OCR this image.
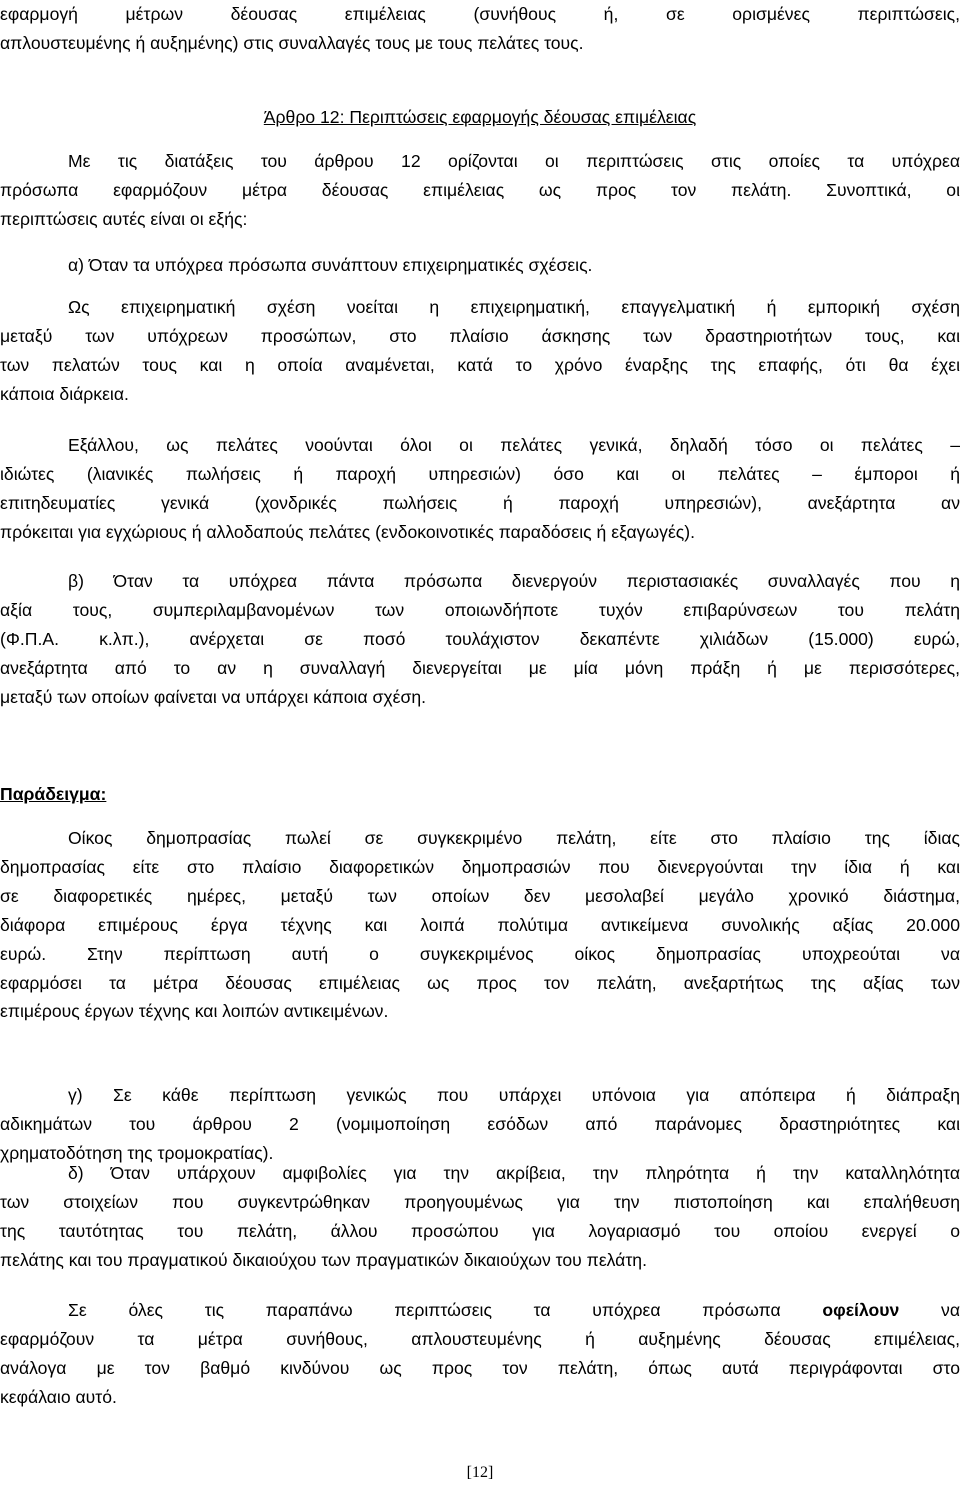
εφαρμογή μέτρων δέουσας επιμέλειας (συνήθους ή, σε ορισμένες περιπτώσεις,
απλουστευμένης ή αυξημένης) στις συναλλαγές τους με τους πελάτες τους.
Άρθρο 12: Περιπτώσεις εφαρμογής δέουσας επιμέλειας
Με τις διατάξεις του άρθρου 12 ορίζονται οι περιπτώσεις στις οποίες τα υπόχρεα
πρόσωπα εφαρμόζουν μέτρα δέουσας επιμέλειας ως προς τον πελάτη. Συνοπτικά, οι
περιπτώσεις αυτές είναι οι εξής:
α) Όταν τα υπόχρεα πρόσωπα συνάπτουν επιχειρηματικές σχέσεις.
Ως επιχειρηματική σχέση νοείται η επιχειρηματική, επαγγελματική ή εμπορική σχέση
μεταξύ των υπόχρεων προσώπων, στο πλαίσιο άσκησης των δραστηριοτήτων τους, και
των πελατών τους και η οποία αναμένεται, κατά το χρόνο έναρξης της επαφής, ότι θα έχει
κάποια διάρκεια.
Εξάλλου, ως πελάτες νοούνται όλοι οι πελάτες γενικά, δηλαδή τόσο οι πελάτες –
ιδιώτες (λιανικές πωλήσεις ή παροχή υπηρεσιών) όσο και οι πελάτες – έμποροι ή
επιτηδευματίες γενικά (χονδρικές πωλήσεις ή παροχή υπηρεσιών), ανεξάρτητα αν
πρόκειται για εγχώριους ή αλλοδαπούς πελάτες (ενδοκοινοτικές παραδόσεις ή εξαγωγές).
β) Όταν τα υπόχρεα πάντα πρόσωπα διενεργούν περιστασιακές συναλλαγές που η
αξία τους, συμπεριλαμβανομένων των οποιωνδήποτε τυχόν επιβαρύνσεων του πελάτη
(Φ.Π.Α. κ.λπ.), ανέρχεται σε ποσό τουλάχιστον δεκαπέντε χιλιάδων (15.000) ευρώ,
ανεξάρτητα από το αν η συναλλαγή διενεργείται με μία μόνη πράξη ή με περισσότερες,
μεταξύ των οποίων φαίνεται να υπάρχει κάποια σχέση.
Παράδειγμα:
Οίκος δημοπρασίας πωλεί σε συγκεκριμένο πελάτη, είτε στο πλαίσιο της ίδιας
δημοπρασίας είτε στο πλαίσιο διαφορετικών δημοπρασιών που διενεργούνται την ίδια ή και
σε διαφορετικές ημέρες, μεταξύ των οποίων δεν μεσολαβεί μεγάλο χρονικό διάστημα,
διάφορα επιμέρους έργα τέχνης και λοιπά πολύτιμα αντικείμενα συνολικής αξίας 20.000
ευρώ. Στην περίπτωση αυτή ο συγκεκριμένος οίκος δημοπρασίας υποχρεούται να
εφαρμόσει τα μέτρα δέουσας επιμέλειας ως προς τον πελάτη, ανεξαρτήτως της αξίας των
επιμέρους έργων τέχνης και λοιπών αντικειμένων.
γ) Σε κάθε περίπτωση γενικώς που υπάρχει υπόνοια για απόπειρα ή διάπραξη
αδικημάτων του άρθρου 2 (νομιμοποίηση εσόδων από παράνομες δραστηριότητες και
χρηματοδότηση της τρομοκρατίας).
δ) Όταν υπάρχουν αμφιβολίες για την ακρίβεια, την πληρότητα ή την καταλληλότητα
των στοιχείων που συγκεντρώθηκαν προηγουμένως για την πιστοποίηση και επαλήθευση
της ταυτότητας του πελάτη, άλλου προσώπου για λογαριασμό του οποίου ενεργεί ο
πελάτης και του πραγματικού δικαιούχου των πραγματικών δικαιούχων του πελάτη.
Σε όλες τις παραπάνω περιπτώσεις τα υπόχρεα πρόσωπα οφείλουν να
εφαρμόζουν τα μέτρα συνήθους, απλουστευμένης ή αυξημένης δέουσας επιμέλειας,
ανάλογα με τον βαθμό κινδύνου ως προς τον πελάτη, όπως αυτά περιγράφονται στο
κεφάλαιο αυτό.
[12]
